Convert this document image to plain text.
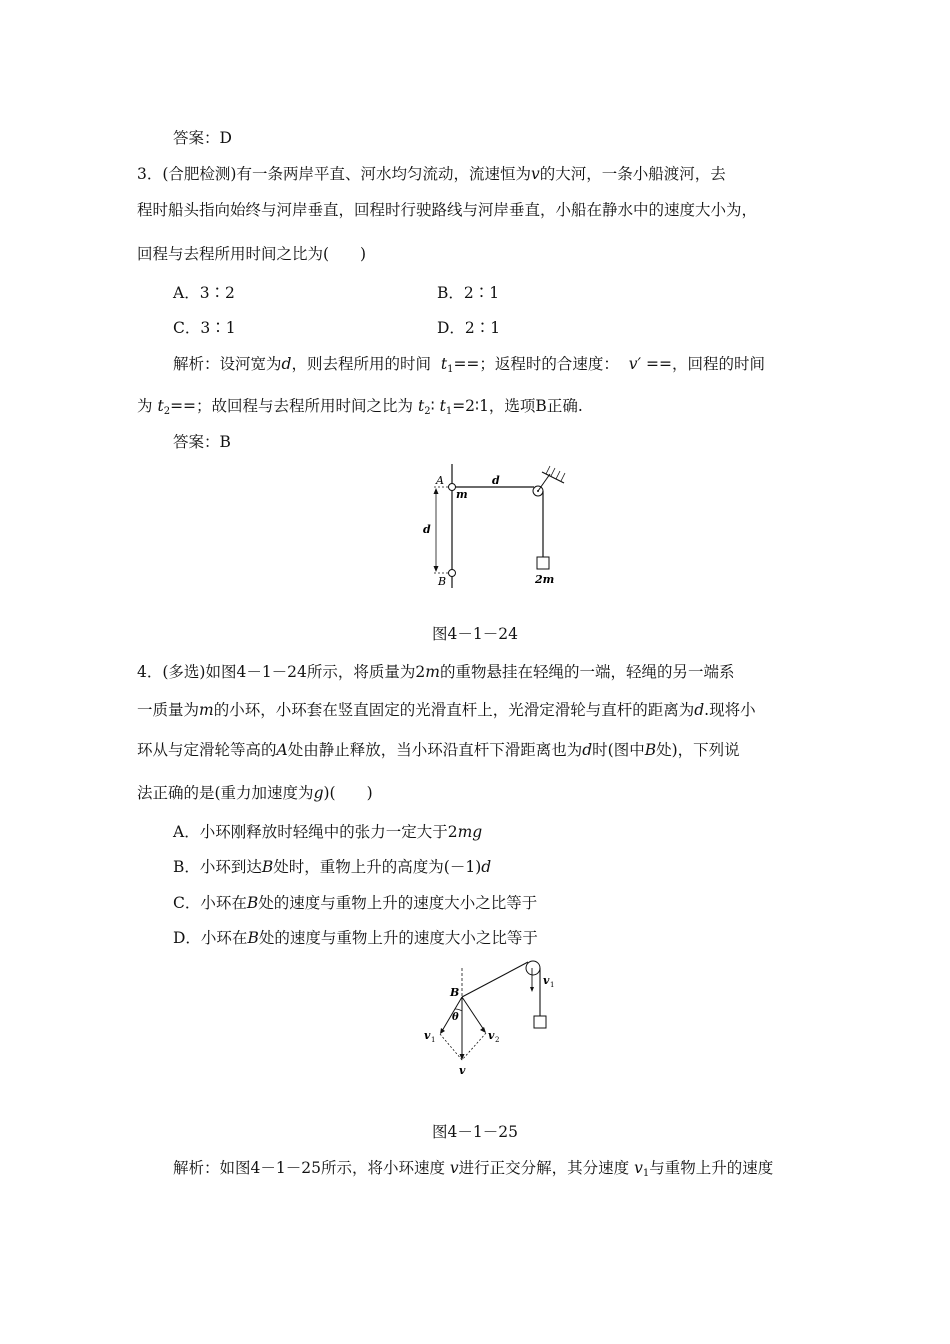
答案：D
3．(合肥检测)有一条两岸平直、河水均匀流动，流速恒为v的大河，一条小船渡河，去
程时船头指向始终与河岸垂直，回程时行驶路线与河岸垂直，小船在静水中的速度大小为，
回程与去程所用时间之比为(　　)
A．3∶2	B．2∶1
C．3∶1	D．2∶1
解析：设河宽为d，则去程所用的时间 $t_1==$；返程时的合速度： v′ ==，回程的时间
为 $t_2==$；故回程与去程所用时间之比为 $t_2∶$ $t_1=2∶1$，选项B正确.
答案：B
A
B
m
d
d
2m
图4－1－24
4．(多选)如图4－1－24所示，将质量为2m的重物悬挂在轻绳的一端，轻绳的另一端系
一质量为m的小环，小环套在竖直固定的光滑直杆上，光滑定滑轮与直杆的距离为d.现将小
环从与定滑轮等高的A处由静止释放，当小环沿直杆下滑距离也为d时(图中B处)，下列说
法正确的是(重力加速度为g)(　　)
A．小环刚释放时轻绳中的张力一定大于2mg
B．小环到达B处时，重物上升的高度为(－1)d
C．小环在B处的速度与重物上升的速度大小之比等于
D．小环在B处的速度与重物上升的速度大小之比等于
B
θ
v
v 1	v 2
v 1
图4－1－25
解析：如图4－1－25所示，将小环速度 v进行正交分解，其分速度 $v_1$与重物上升的速度
